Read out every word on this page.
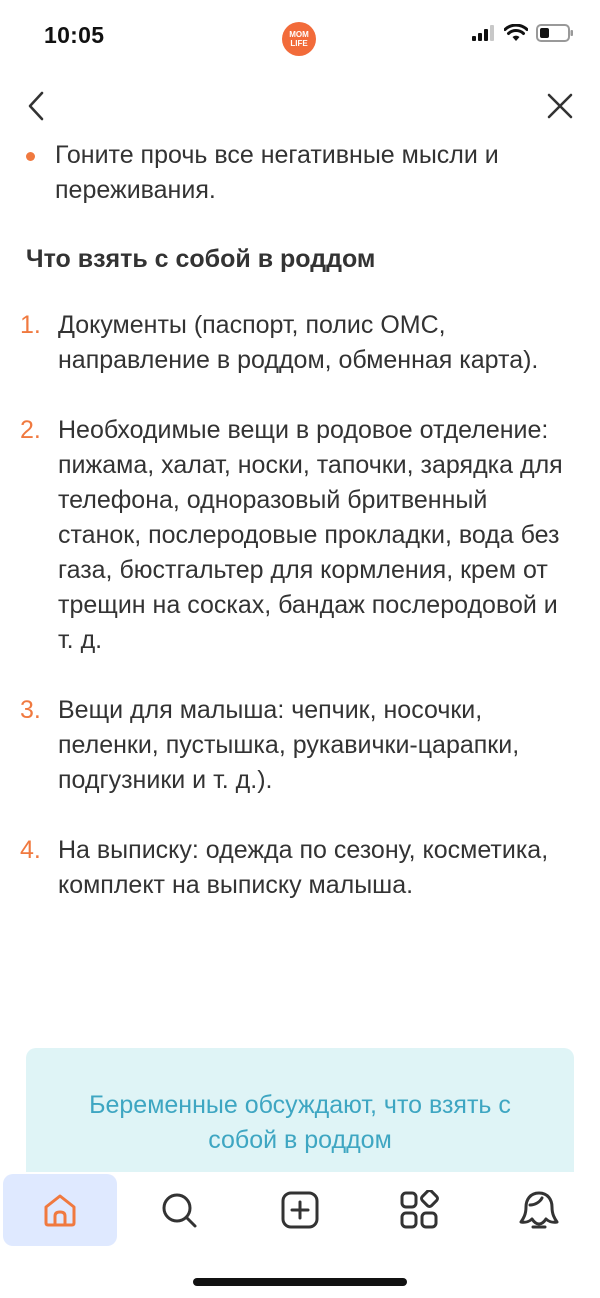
10:05	MOM
LIFE
Гоните прочь все негативные мысли и переживания.
Что взять с собой в роддом
1. Документы (паспорт, полис ОМС, направление в роддом, обменная карта).
2. Необходимые вещи в родовое отделение: пижама, халат, носки, тапочки, зарядка для телефона, одноразовый бритвенный станок, послеродовые прокладки, вода без газа, бюстгальтер для кормления, крем от трещин на сосках, бандаж послеродовой и т. д.
3. Вещи для малыша: чепчик, носочки, пеленки, пустышка, рукавички-царапки, подгузники и т. д.).
4. На выписку: одежда по сезону, косметика, комплект на выписку малыша.
Беременные обсуждают, что взять с собой в роддом
